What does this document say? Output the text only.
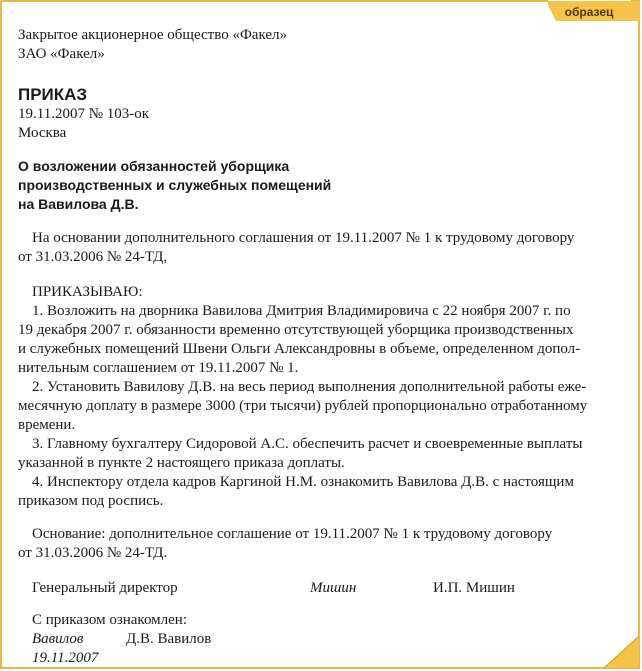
образец

Закрытое акционерное общество «Факел»

ЗАО «Факел»

ПРИКАЗ

19.11.2007 № 103-ок

Москва

О возложении обязанностей уборщика

производственных и служебных помещений

на Вавилова Д.В.

На основании дополнительного соглашения от 19.11.2007 № 1 к трудовому договору

от 31.03.2006 № 24-ТД,

ПРИКАЗЫВАЮ:

1. Возложить на дворника Вавилова Дмитрия Владимировича с 22 ноября 2007 г. по

19 декабря 2007 г. обязанности временно отсутствующей уборщика производственных

и служебных помещений Швени Ольги Александровны в объеме, определенном допол-

нительным соглашением от 19.11.2007 № 1.

2. Установить Вавилову Д.В. на весь период выполнения дополнительной работы еже-

месячную доплату в размере 3000 (три тысячи) рублей пропорционально отработанному

времени.

3. Главному бухгалтеру Сидоровой А.С. обеспечить расчет и своевременные выплаты

указанной в пункте 2 настоящего приказа доплаты.

4. Инспектору отдела кадров Каргиной Н.М. ознакомить Вавилова Д.В. с настоящим

приказом под роспись.

Основание: дополнительное соглашение от 19.11.2007 № 1 к трудовому договору

от 31.03.2006 № 24-ТД.

Генеральный директор	Мишин	И.П. Мишин

С приказом ознакомлен:

Вавилов	Д.В. Вавилов

19.11.2007
